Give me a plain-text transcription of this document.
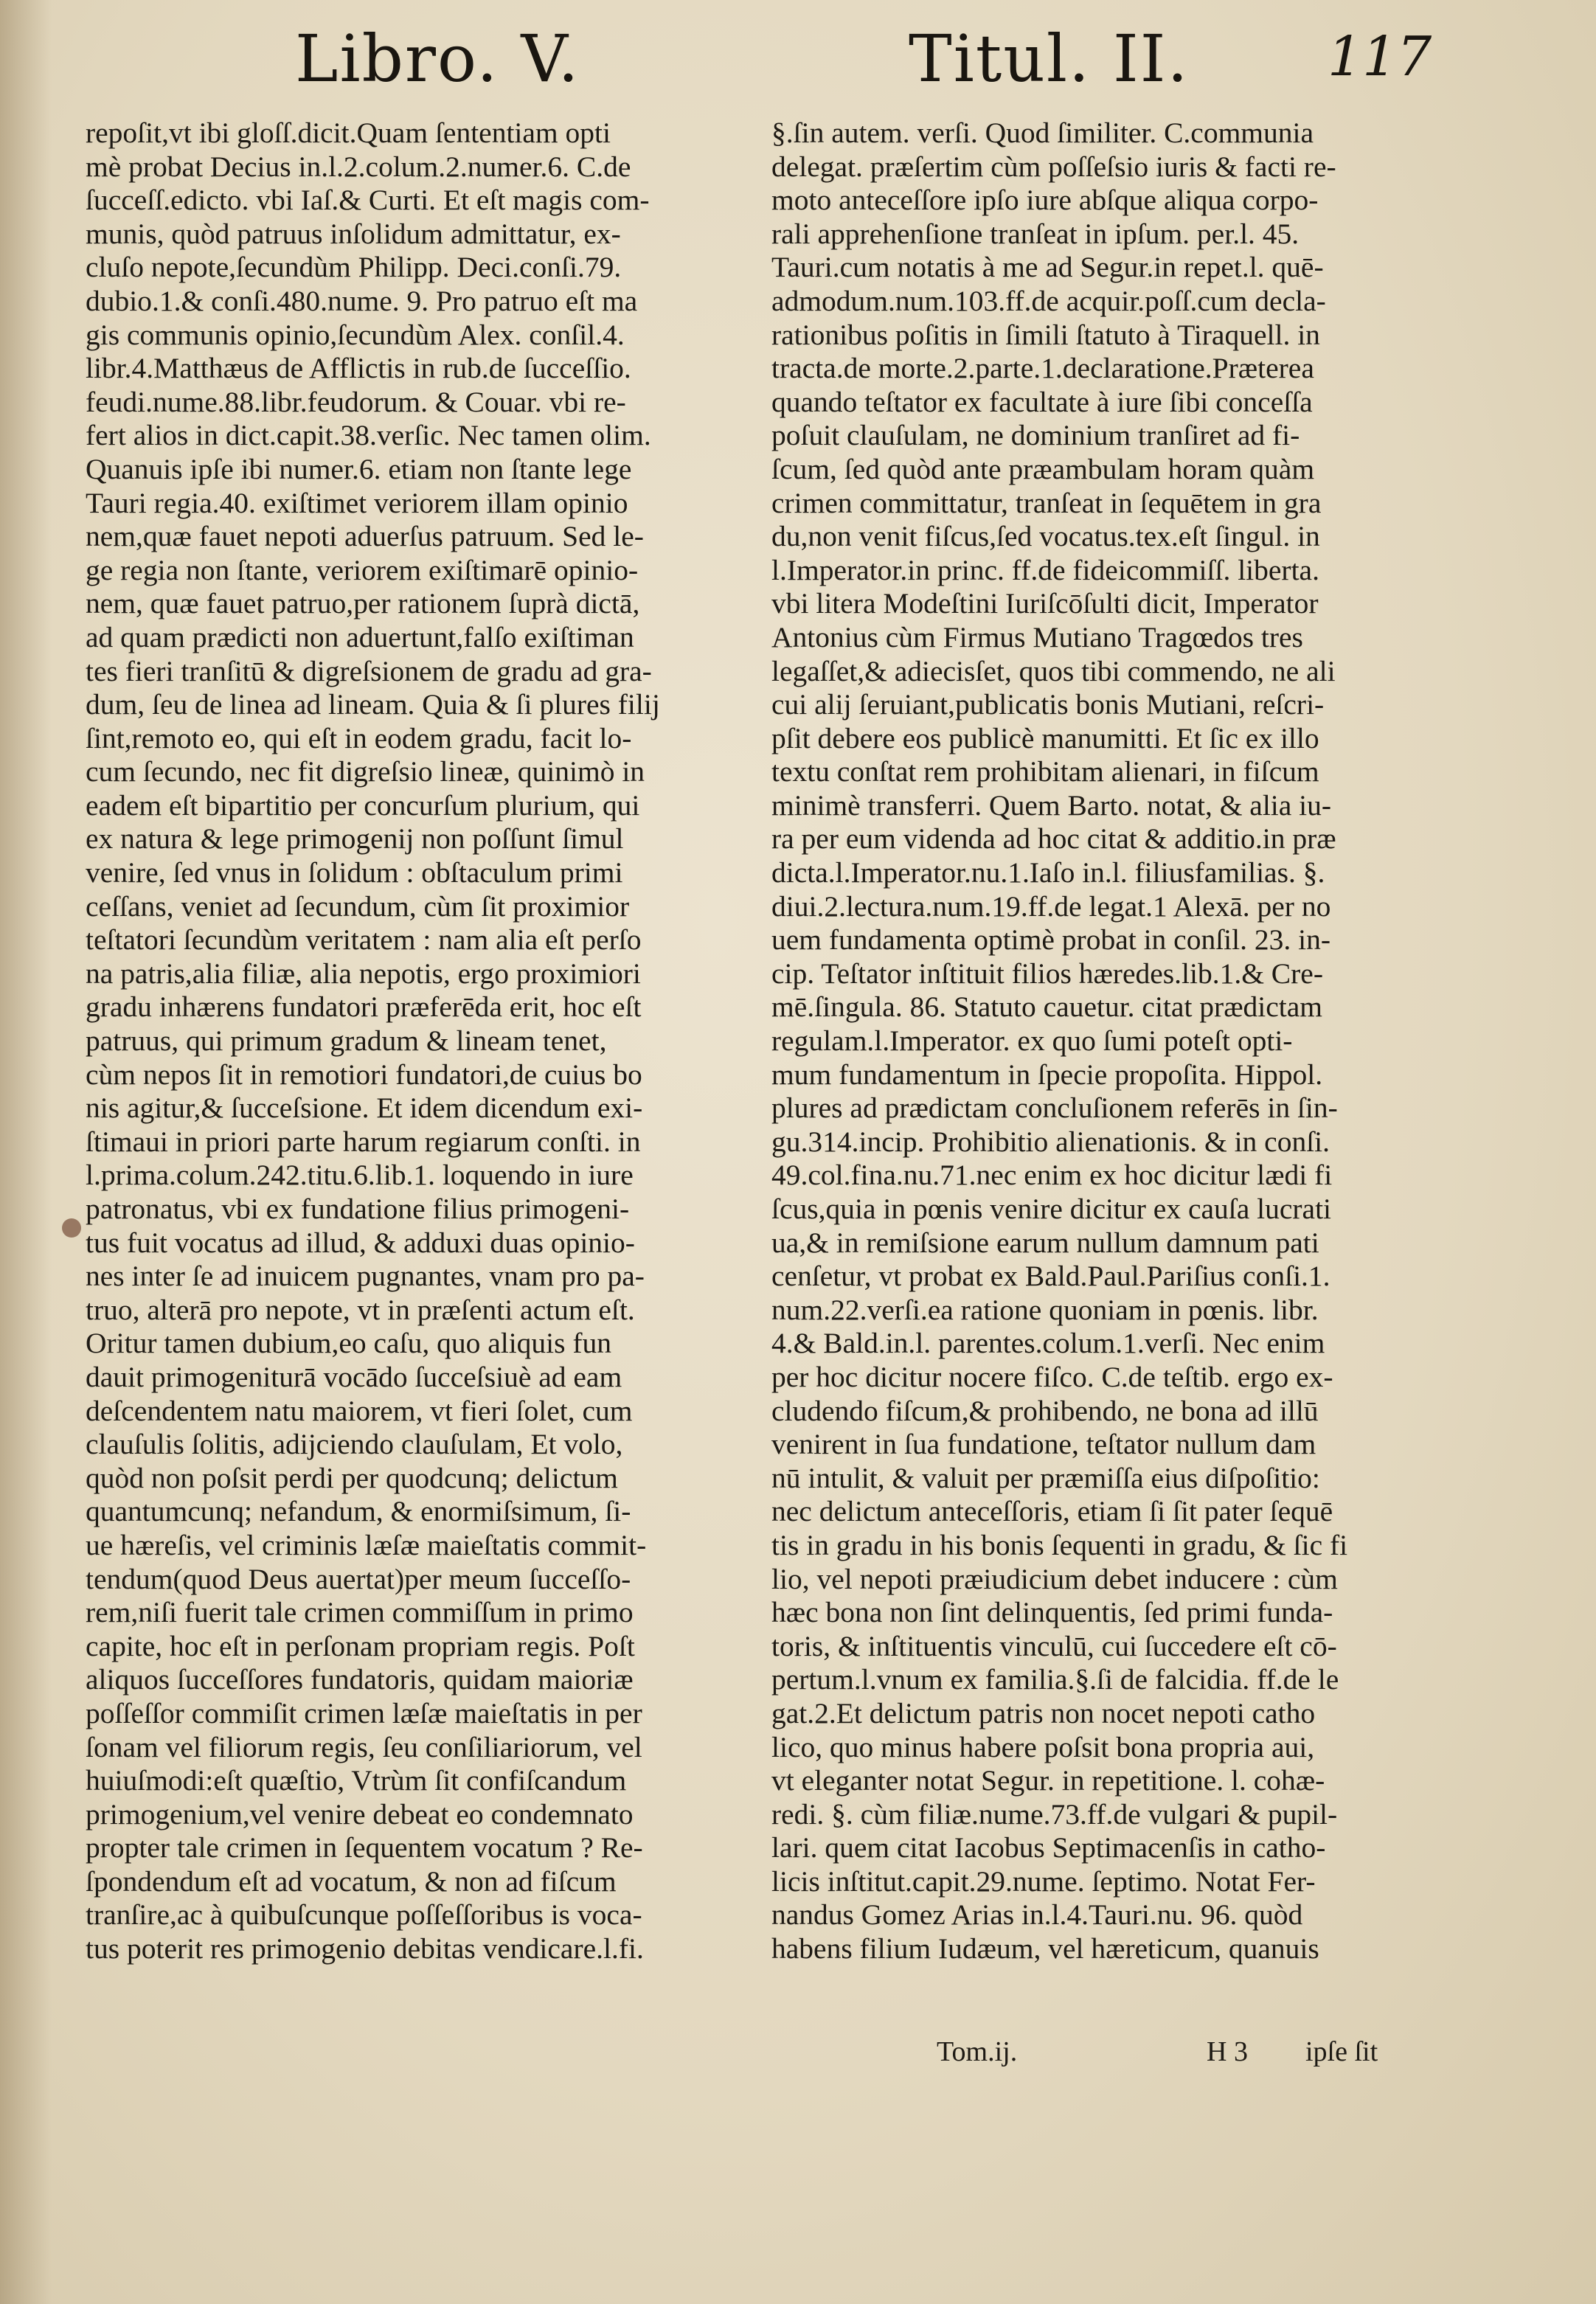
Libro. V.	Titul. II.	117
repoſit,vt ibi gloſſ.dicit.Quam ſententiam opti
mè probat Decius in.l.2.colum.2.numer.6. C.de
ſucceſſ.edicto. vbi Iaſ.& Curti. Et eſt magis com-
munis, quòd patruus inſolidum admittatur, ex-
cluſo nepote,ſecundùm Philipp. Deci.conſi.79.
dubio.1.& conſi.480.nume. 9. Pro patruo eſt ma
gis communis opinio,ſecundùm Alex. conſil.4.
libr.4.Matthæus de Afflictis in rub.de ſucceſſio.
feudi.nume.88.libr.feudorum. & Couar. vbi re-
fert alios in dict.capit.38.verſic. Nec tamen olim.
Quanuis ipſe ibi numer.6. etiam non ſtante lege
Tauri regia.40. exiſtimet veriorem illam opinio
nem,quæ fauet nepoti aduerſus patruum. Sed le-
ge regia non ſtante, veriorem exiſtimarē opinio-
nem, quæ fauet patruo,per rationem ſuprà dictā,
ad quam prædicti non aduertunt,falſo exiſtiman
tes fieri tranſitū & digreſsionem de gradu ad gra-
dum, ſeu de linea ad lineam. Quia & ſi plures filij
ſint,remoto eo, qui eſt in eodem gradu, facit lo-
cum ſecundo, nec fit digreſsio lineæ, quinimò in
eadem eſt bipartitio per concurſum plurium, qui
ex natura & lege primogenij non poſſunt ſimul
venire, ſed vnus in ſolidum : obſtaculum primi
ceſſans, veniet ad ſecundum, cùm ſit proximior
teſtatori ſecundùm veritatem : nam alia eſt perſo
na patris,alia filiæ, alia nepotis, ergo proximiori
gradu inhærens fundatori præferēda erit, hoc eſt
patruus, qui primum gradum & lineam tenet,
cùm nepos ſit in remotiori fundatori,de cuius bo
nis agitur,& ſucceſsione. Et idem dicendum exi-
ſtimaui in priori parte harum regiarum conſti. in
l.prima.colum.242.titu.6.lib.1. loquendo in iure
patronatus, vbi ex fundatione filius primogeni-
tus fuit vocatus ad illud, & adduxi duas opinio-
nes inter ſe ad inuicem pugnantes, vnam pro pa-
truo, alterā pro nepote, vt in præſenti actum eſt.
Oritur tamen dubium,eo caſu, quo aliquis fun
dauit primogeniturā vocādo ſucceſsiuè ad eam
deſcendentem natu maiorem, vt fieri ſolet, cum
clauſulis ſolitis, adijciendo clauſulam, Et volo,
quòd non poſsit perdi per quodcunq; delictum
quantumcunq; nefandum, & enormiſsimum, ſi-
ue hæreſis, vel criminis læſæ maieſtatis commit-
tendum(quod Deus auertat)per meum ſucceſſo-
rem,niſi fuerit tale crimen commiſſum in primo
capite, hoc eſt in perſonam propriam regis. Poſt
aliquos ſucceſſores fundatoris, quidam maioriæ
poſſeſſor commiſit crimen læſæ maieſtatis in per
ſonam vel filiorum regis, ſeu conſiliariorum, vel
huiuſmodi:eſt quæſtio, Vtrùm ſit confiſcandum
primogenium,vel venire debeat eo condemnato
propter tale crimen in ſequentem vocatum ? Re-
ſpondendum eſt ad vocatum, & non ad fiſcum
tranſire,ac à quibuſcunque poſſeſſoribus is voca-
tus poterit res primogenio debitas vendicare.l.fi.
§.ſin autem. verſi. Quod ſimiliter. C.communia
delegat. præſertim cùm poſſeſsio iuris & facti re-
moto anteceſſore ipſo iure abſque aliqua corpo-
rali apprehenſione tranſeat in ipſum. per.l. 45.
Tauri.cum notatis à me ad Segur.in repet.l. quē-
admodum.num.103.ff.de acquir.poſſ.cum decla-
rationibus poſitis in ſimili ſtatuto à Tiraquell. in
tracta.de morte.2.parte.1.declaratione.Præterea
quando teſtator ex facultate à iure ſibi conceſſa
poſuit clauſulam, ne dominium tranſiret ad fi-
ſcum, ſed quòd ante præambulam horam quàm
crimen committatur, tranſeat in ſequētem in gra
du,non venit fiſcus,ſed vocatus.tex.eſt ſingul. in
l.Imperator.in princ. ff.de fideicommiſſ. liberta.
vbi litera Modeſtini Iuriſcōſulti dicit, Imperator
Antonius cùm Firmus Mutiano Tragœdos tres
legaſſet,& adiecisſet, quos tibi commendo, ne ali
cui alij ſeruiant,publicatis bonis Mutiani, reſcri-
pſit debere eos publicè manumitti. Et ſic ex illo
textu conſtat rem prohibitam alienari, in fiſcum
minimè transferri. Quem Barto. notat, & alia iu-
ra per eum videnda ad hoc citat & additio.in præ
dicta.l.Imperator.nu.1.Iaſo in.l. filiusfamilias. §.
diui.2.lectura.num.19.ff.de legat.1 Alexā. per no
uem fundamenta optimè probat in conſil. 23. in-
cip. Teſtator inſtituit filios hæredes.lib.1.& Cre-
mē.ſingula. 86. Statuto cauetur. citat prædictam
regulam.l.Imperator. ex quo ſumi poteſt opti-
mum fundamentum in ſpecie propoſita. Hippol.
plures ad prædictam concluſionem referēs in ſin-
gu.314.incip. Prohibitio alienationis. & in conſi.
49.col.fina.nu.71.nec enim ex hoc dicitur lædi fi
ſcus,quia in pœnis venire dicitur ex cauſa lucrati
ua,& in remiſsione earum nullum damnum pati
cenſetur, vt probat ex Bald.Paul.Pariſius conſi.1.
num.22.verſi.ea ratione quoniam in pœnis. libr.
4.& Bald.in.l. parentes.colum.1.verſi. Nec enim
per hoc dicitur nocere fiſco. C.de teſtib. ergo ex-
cludendo fiſcum,& prohibendo, ne bona ad illū
venirent in ſua fundatione, teſtator nullum dam
nū intulit, & valuit per præmiſſa eius diſpoſitio:
nec delictum anteceſſoris, etiam ſi ſit pater ſequē
tis in gradu in his bonis ſequenti in gradu, & ſic fi
lio, vel nepoti præiudicium debet inducere : cùm
hæc bona non ſint delinquentis, ſed primi funda-
toris, & inſtituentis vinculū, cui ſuccedere eſt cō-
pertum.l.vnum ex familia.§.ſi de falcidia. ff.de le
gat.2.Et delictum patris non nocet nepoti catho
lico, quo minus habere poſsit bona propria aui,
vt eleganter notat Segur. in repetitione. l. cohæ-
redi. §. cùm filiæ.nume.73.ff.de vulgari & pupil-
lari. quem citat Iacobus Septimacenſis in catho-
licis inſtitut.capit.29.nume. ſeptimo. Notat Fer-
nandus Gomez Arias in.l.4.Tauri.nu. 96. quòd
habens filium Iudæum, vel hæreticum, quanuis
Tom.ij.	H 3 ipſe ſit
